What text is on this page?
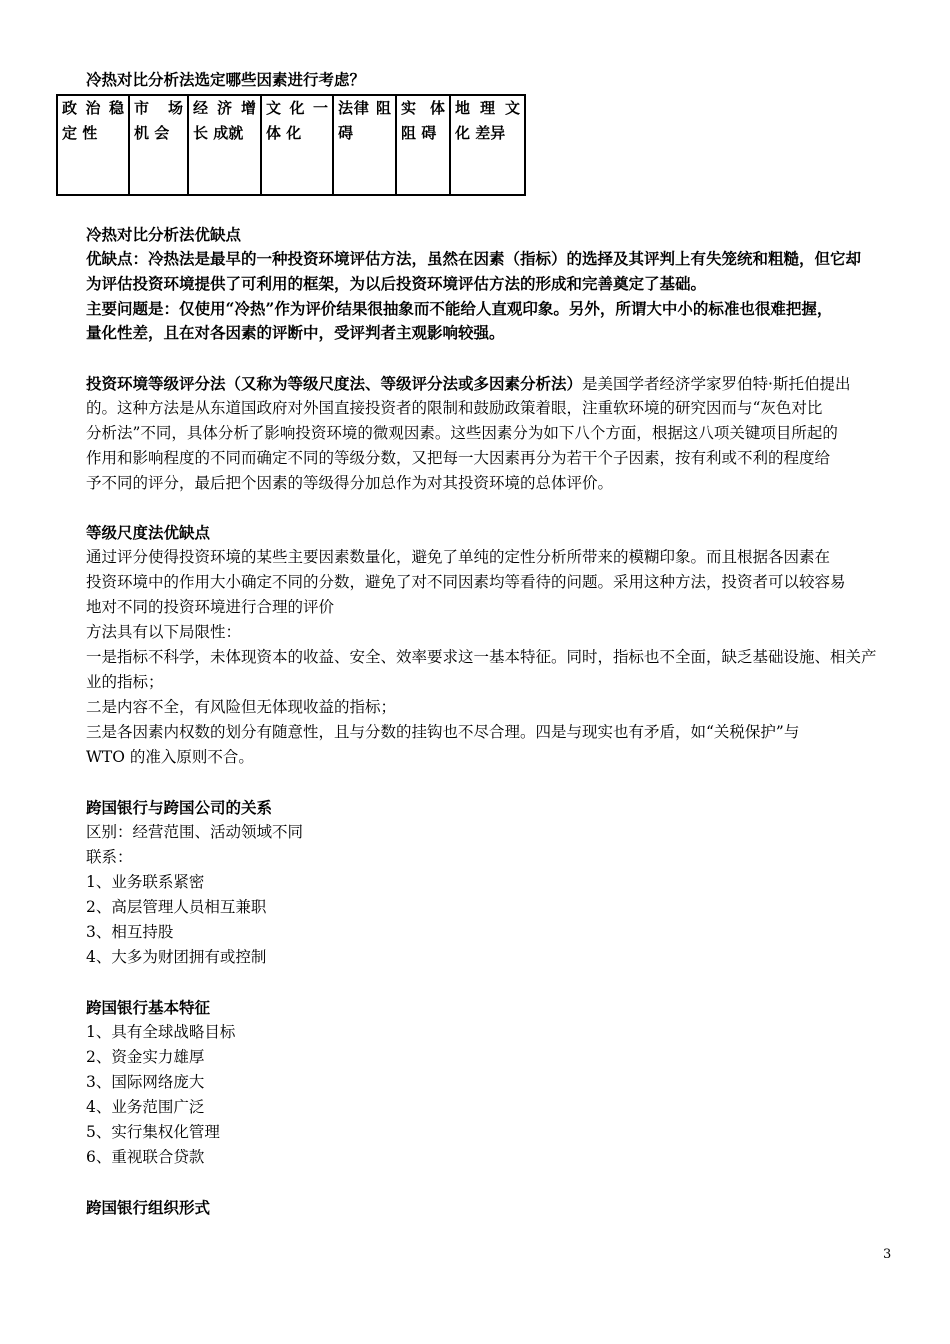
冷热对比分析法选定哪些因素进行考虑？
政 治 稳 定 性	市 场 机 会	经 济 增 长 成就	文 化 一 体 化	法律 阻碍	实 体 阻 碍	地 理 文 化 差异
冷热对比分析法优缺点
优缺点：冷热法是最早的一种投资环境评估方法，虽然在因素（指标）的选择及其评判上有失笼统和粗糙，但它却
为评估投资环境提供了可利用的框架，为以后投资环境评估方法的形成和完善奠定了基础。
主要问题是：仅使用“冷热”作为评价结果很抽象而不能给人直观印象。另外，所谓大中小的标准也很难把握，
量化性差，且在对各因素的评断中，受评判者主观影响较强。
投资环境等级评分法（又称为等级尺度法、等级评分法或多因素分析法）是美国学者经济学家罗伯特·斯托伯提出
的。这种方法是从东道国政府对外国直接投资者的限制和鼓励政策着眼，注重软环境的研究因而与“灰色对比
分析法”不同，具体分析了影响投资环境的微观因素。这些因素分为如下八个方面，根据这八项关键项目所起的
作用和影响程度的不同而确定不同的等级分数，又把每一大因素再分为若干个子因素，按有利或不利的程度给
予不同的评分，最后把个因素的等级得分加总作为对其投资环境的总体评价。
等级尺度法优缺点
通过评分使得投资环境的某些主要因素数量化，避免了单纯的定性分析所带来的模糊印象。而且根据各因素在
投资环境中的作用大小确定不同的分数，避免了对不同因素均等看待的问题。采用这种方法，投资者可以较容易
地对不同的投资环境进行合理的评价
方法具有以下局限性：
一是指标不科学，未体现资本的收益、安全、效率要求这一基本特征。同时，指标也不全面，缺乏基础设施、相关产
业的指标；
二是内容不全，有风险但无体现收益的指标；
三是各因素内权数的划分有随意性，且与分数的挂钩也不尽合理。四是与现实也有矛盾，如“关税保护”与
WTO 的准入原则不合。
跨国银行与跨国公司的关系
区别：经营范围、活动领域不同
联系：
1、业务联系紧密
2、高层管理人员相互兼职
3、相互持股
4、大多为财团拥有或控制
跨国银行基本特征
1、具有全球战略目标
2、资金实力雄厚
3、国际网络庞大
4、业务范围广泛
5、实行集权化管理
6、重视联合贷款
跨国银行组织形式
3
